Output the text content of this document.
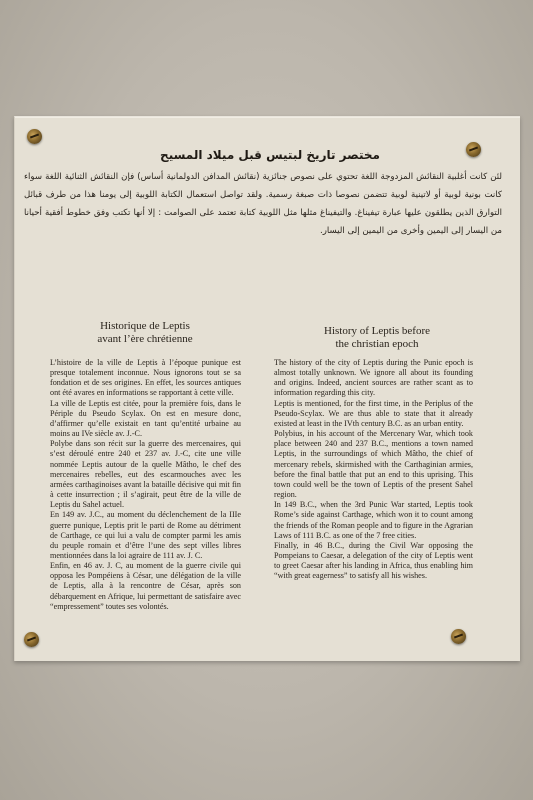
مختصر تاريخ لبتيس قبل ميلاد المسيح
لئن كانت أغلبية النقائش المزدوجة اللغة تحتوي على نصوص جنائزية (نقائش المدافن الدولمانية أساس) فإن النقائش الثنائية اللغة سواء كانت بونية لوبية أو لاتينية لوبية تتضمن نصوصا ذات صبغة رسمية. ولقد تواصل استعمال الكتابة اللوبية إلى يومنا هذا من طرف قبائل التوارق الذين يطلقون عليها عبارة تيفيناغ. والتيفيناغ مثلها مثل اللوبية كتابة تعتمد على الصوامت : إلا أنها تكتب وفق خطوط أفقية أحيانا من اليسار إلى اليمين وأخرى من اليمين إلى اليسار.
Historique de Leptis
avant l’ère chrétienne
History of Leptis before
the christian epoch

L’histoire de la ville de Leptis à l’époque punique est presque totalement inconnue. Nous ignorons tout se sa fondation et de ses origines. En effet, les sources antiques ont été avares en informations se rapportant à cette ville.

La ville de Leptis est citée, pour la première fois, dans le Périple du Pseudo Scylax. On est en mesure donc, d’affirmer qu’elle existait en tant qu’entité urbaine au moins au IVe siècle av. J.-C.

Polybe dans son récit sur la guerre des mercenaires, qui s’est déroulé entre 240 et 237 av. J.-C, cite une ville nommée Leptis autour de la quelle Mâtho, le chef des mercenaires rebelles, eut des escarmouches avec les armées carthaginoises avant la bataille décisive qui mit fin à cette insurrection ; il s’agirait, peut être de la ville de Leptis du Sahel actuel.

En 149 av. J.C., au moment du déclenchement de la IIIe guerre punique, Leptis prit le parti de Rome au détriment de Carthage, ce qui lui a valu de compter parmi les amis du peuple romain et d’être l’une des sept villes libres mentionnées dans la loi agraire de 111 av. J. C.

Enfin, en 46 av. J. C, au moment de la guerre civile qui opposa les Pompéiens à César, une délégation de la ville de Leptis, alla à la rencontre de César, après son débarquement en Afrique, lui permettant de satisfaire avec “empressement” toutes ses volontés.

The history of the city of Leptis during the Punic epoch is almost totally unknown. We ignore all about its founding and origins. Indeed, ancient sources are rather scant as to information regarding this city.

Leptis is mentioned, for the first time, in the Periplus of the Pseudo-Scylax. We are thus able to state that it already existed at least in the IVth century B.C. as an urban entity.

Polybius, in his account of the Mercenary War, which took place between 240 and 237 B.C., mentions a town named Leptis, in the surroundings of which Mâtho, the chief of mercenary rebels, skirmished with the Carthaginian armies, before the final battle that put an end to this uprising. This town could well be the town of Leptis of the present Sahel region.

In 149 B.C., when the 3rd Punic War started, Leptis took Rome’s side against Carthage, which won it to count among the friends of the Roman people and to figure in the Agrarian Laws of 111 B.C. as one of the 7 free cities.

Finally, in 46 B.C., during the Civil War opposing the Pompeians to Caesar, a delegation of the city of Leptis went to greet Caesar after his landing in Africa, thus enabling him “with great eagerness” to satisfy all his wishes.
